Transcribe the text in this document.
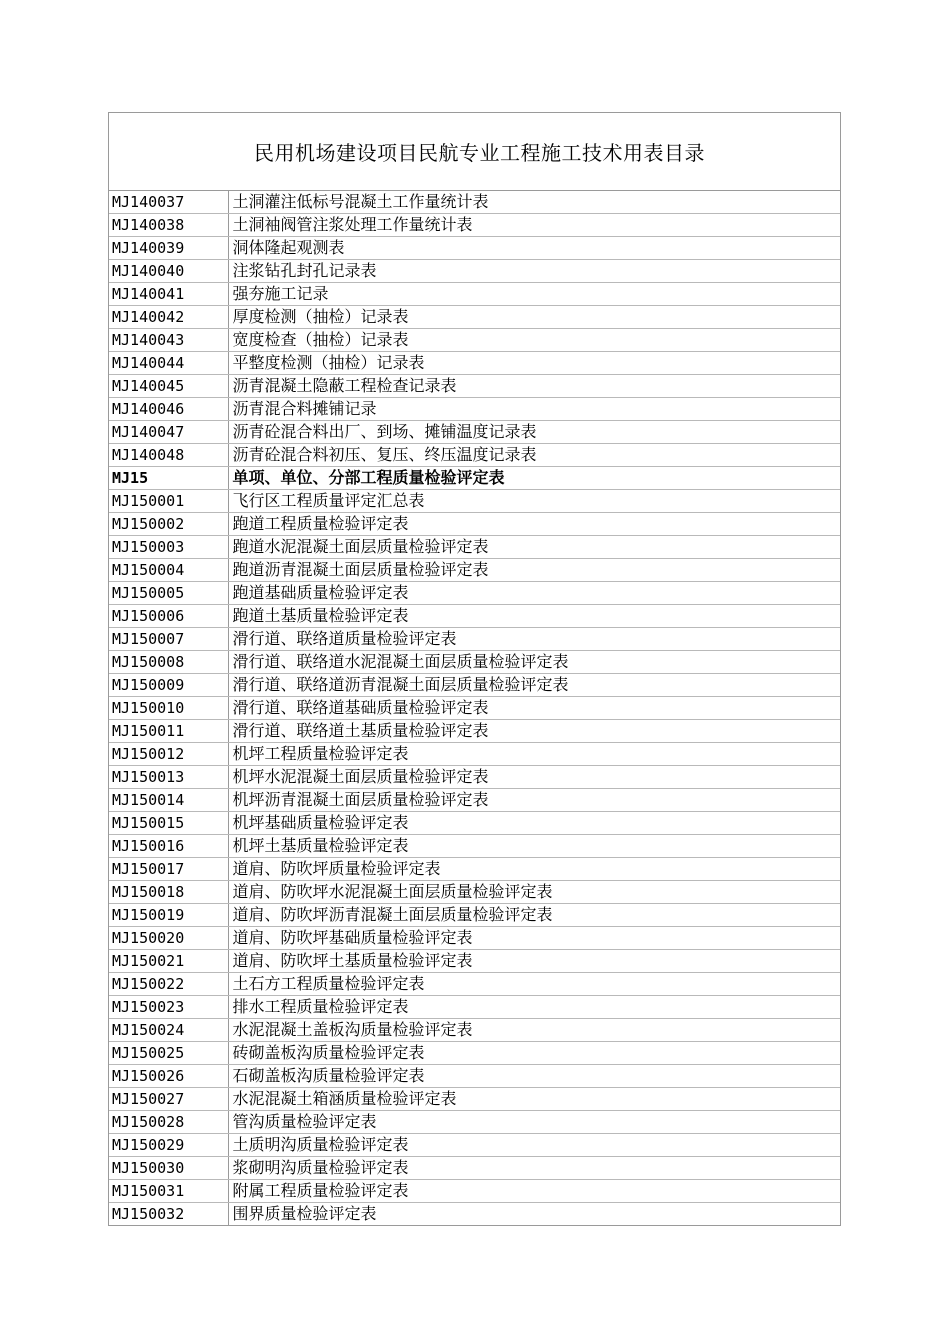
民用机场建设项目民航专业工程施工技术用表目录
MJ140037	土洞灌注低标号混凝土工作量统计表
MJ140038	土洞袖阀管注浆处理工作量统计表
MJ140039	洞体隆起观测表
MJ140040	注浆钻孔封孔记录表
MJ140041	强夯施工记录
MJ140042	厚度检测（抽检）记录表
MJ140043	宽度检查（抽检）记录表
MJ140044	平整度检测（抽检）记录表
MJ140045	沥青混凝土隐蔽工程检查记录表
MJ140046	沥青混合料摊铺记录
MJ140047	沥青砼混合料出厂、到场、摊铺温度记录表
MJ140048	沥青砼混合料初压、复压、终压温度记录表
MJ15	单项、单位、分部工程质量检验评定表
MJ150001	飞行区工程质量评定汇总表
MJ150002	跑道工程质量检验评定表
MJ150003	跑道水泥混凝土面层质量检验评定表
MJ150004	跑道沥青混凝土面层质量检验评定表
MJ150005	跑道基础质量检验评定表
MJ150006	跑道土基质量检验评定表
MJ150007	滑行道、联络道质量检验评定表
MJ150008	滑行道、联络道水泥混凝土面层质量检验评定表
MJ150009	滑行道、联络道沥青混凝土面层质量检验评定表
MJ150010	滑行道、联络道基础质量检验评定表
MJ150011	滑行道、联络道土基质量检验评定表
MJ150012	机坪工程质量检验评定表
MJ150013	机坪水泥混凝土面层质量检验评定表
MJ150014	机坪沥青混凝土面层质量检验评定表
MJ150015	机坪基础质量检验评定表
MJ150016	机坪土基质量检验评定表
MJ150017	道肩、防吹坪质量检验评定表
MJ150018	道肩、防吹坪水泥混凝土面层质量检验评定表
MJ150019	道肩、防吹坪沥青混凝土面层质量检验评定表
MJ150020	道肩、防吹坪基础质量检验评定表
MJ150021	道肩、防吹坪土基质量检验评定表
MJ150022	土石方工程质量检验评定表
MJ150023	排水工程质量检验评定表
MJ150024	水泥混凝土盖板沟质量检验评定表
MJ150025	砖砌盖板沟质量检验评定表
MJ150026	石砌盖板沟质量检验评定表
MJ150027	水泥混凝土箱涵质量检验评定表
MJ150028	管沟质量检验评定表
MJ150029	土质明沟质量检验评定表
MJ150030	浆砌明沟质量检验评定表
MJ150031	附属工程质量检验评定表
MJ150032	围界质量检验评定表
